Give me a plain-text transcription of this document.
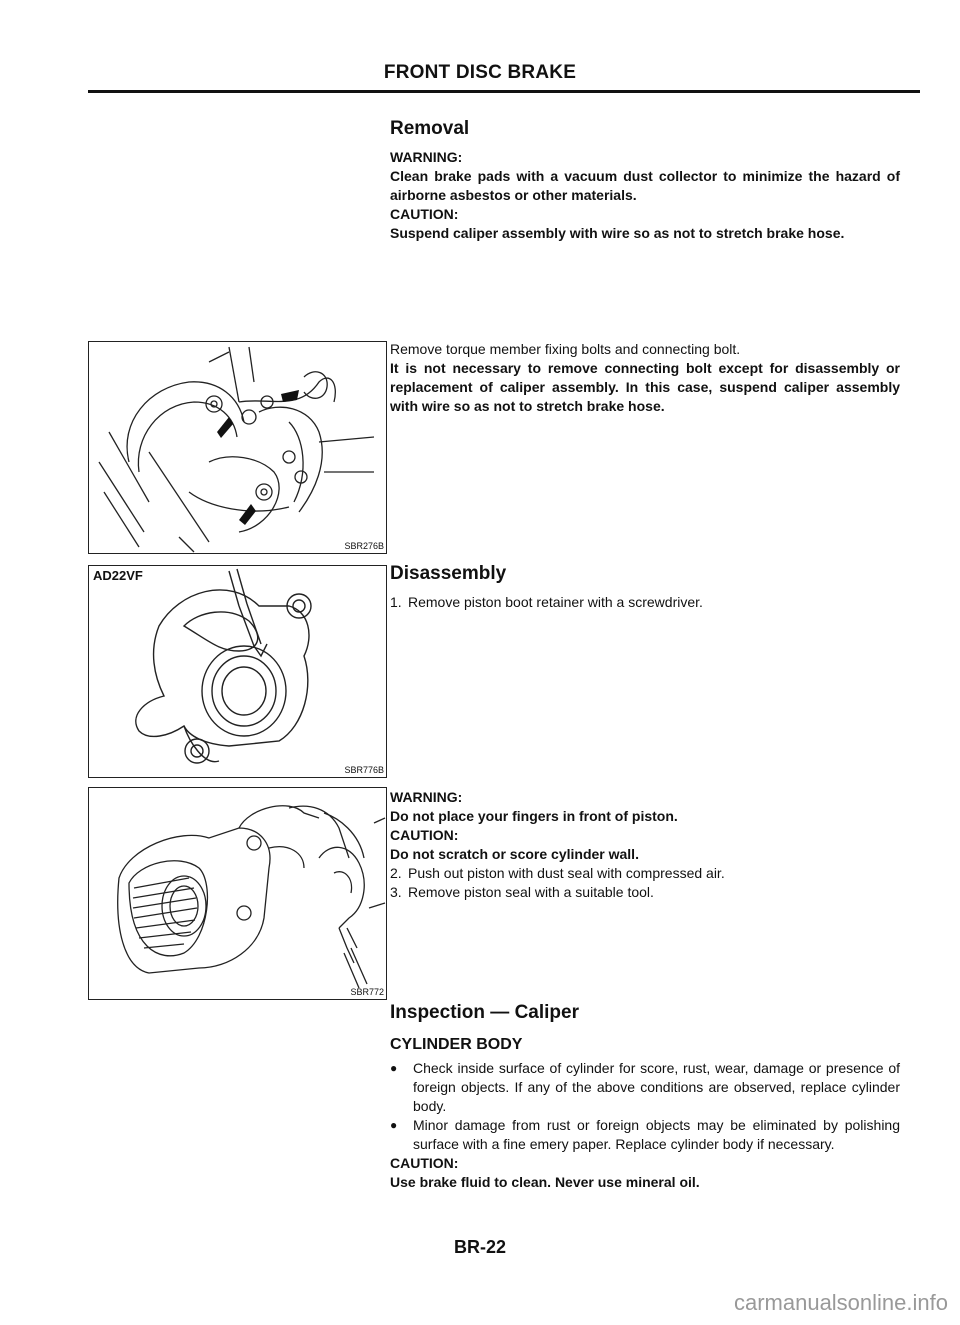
FRONT DISC BRAKE

Removal

WARNING:

Clean brake pads with a vacuum dust collector to minimize the hazard of airborne asbestos or other materials.

CAUTION:

Suspend caliper assembly with wire so as not to stretch brake hose.

Remove torque member fixing bolts and connecting bolt.

It is not necessary to remove connecting bolt except for disassembly or replacement of caliper assembly. In this case, suspend caliper assembly with wire so as not to stretch brake hose.

Disassembly

1. Remove piston boot retainer with a screwdriver.

WARNING:

Do not place your fingers in front of piston.

CAUTION:

Do not scratch or score cylinder wall.

2. Push out piston with dust seal with compressed air.
3. Remove piston seal with a suitable tool.

Inspection — Caliper

CYLINDER BODY

●	Check inside surface of cylinder for score, rust, wear, damage or presence of foreign objects. If any of the above conditions are observed, replace cylinder body.
●	Minor damage from rust or foreign objects may be eliminated by polishing surface with a fine emery paper. Replace cylinder body if necessary.

CAUTION:

Use brake fluid to clean. Never use mineral oil.

SBR276B
AD22VF
SBR776B
SBR772
BR-22
carmanualsonline.info
